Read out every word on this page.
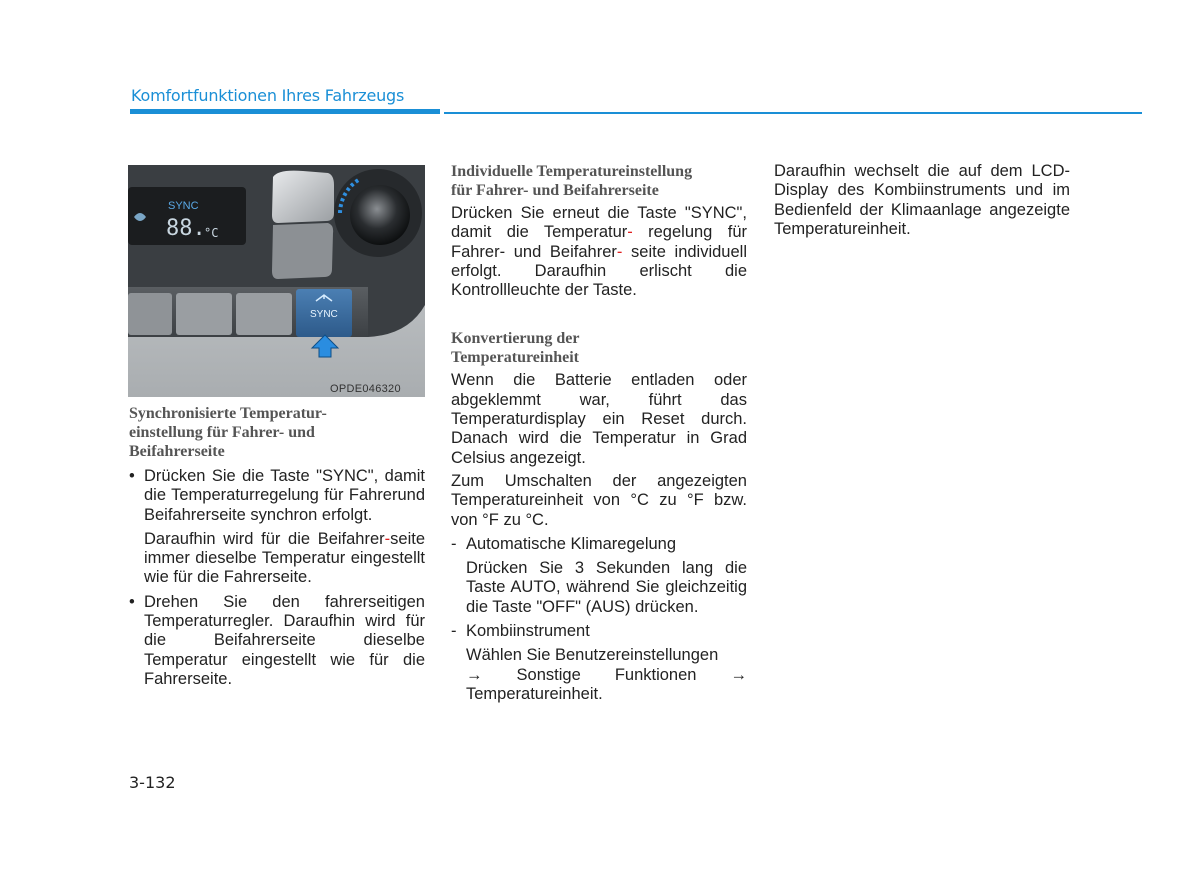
Komfortfunktionen Ihres Fahrzeugs
SYNC
88.
°C
SYNC
OPDE046320
Synchronisierte Temperatur-
einstellung für Fahrer- und
Beifahrerseite

• Drücken Sie die Taste "SYNC", damit die Temperaturregelung für Fahrerund Beifahrerseite synchron erfolgt.

Daraufhin wird für die Beifahrer-seite immer dieselbe Temperatur eingestellt wie für die Fahrerseite.

• Drehen Sie den fahrerseitigen Temperaturregler. Daraufhin wird für die Beifahrerseite dieselbe Temperatur eingestellt wie für die Fahrerseite.

Individuelle Temperatureinstellung
für Fahrer- und Beifahrerseite

Drücken Sie erneut die Taste "SYNC", damit die Temperatur- regelung für Fahrer- und Beifahrer- seite individuell erfolgt. Daraufhin erlischt die Kontrollleuchte der Taste.

Konvertierung der
Temperatureinheit

Wenn die Batterie entladen oder abgeklemmt war, führt das Temperaturdisplay ein Reset durch. Danach wird die Temperatur in Grad Celsius angezeigt.

Zum Umschalten der angezeigten Temperatureinheit von °C zu °F bzw. von °F zu °C.

- Automatische Klimaregelung

Drücken Sie 3 Sekunden lang die Taste AUTO, während Sie gleichzeitig die Taste "OFF" (AUS) drücken.

- Kombiinstrument

Wählen Sie Benutzereinstellungen
→ Sonstige Funktionen →
Temperatureinheit.

Daraufhin wechselt die auf dem LCD-Display des Kombiinstruments und im Bedienfeld der Klimaanlage angezeigte Temperatureinheit.

3-132
